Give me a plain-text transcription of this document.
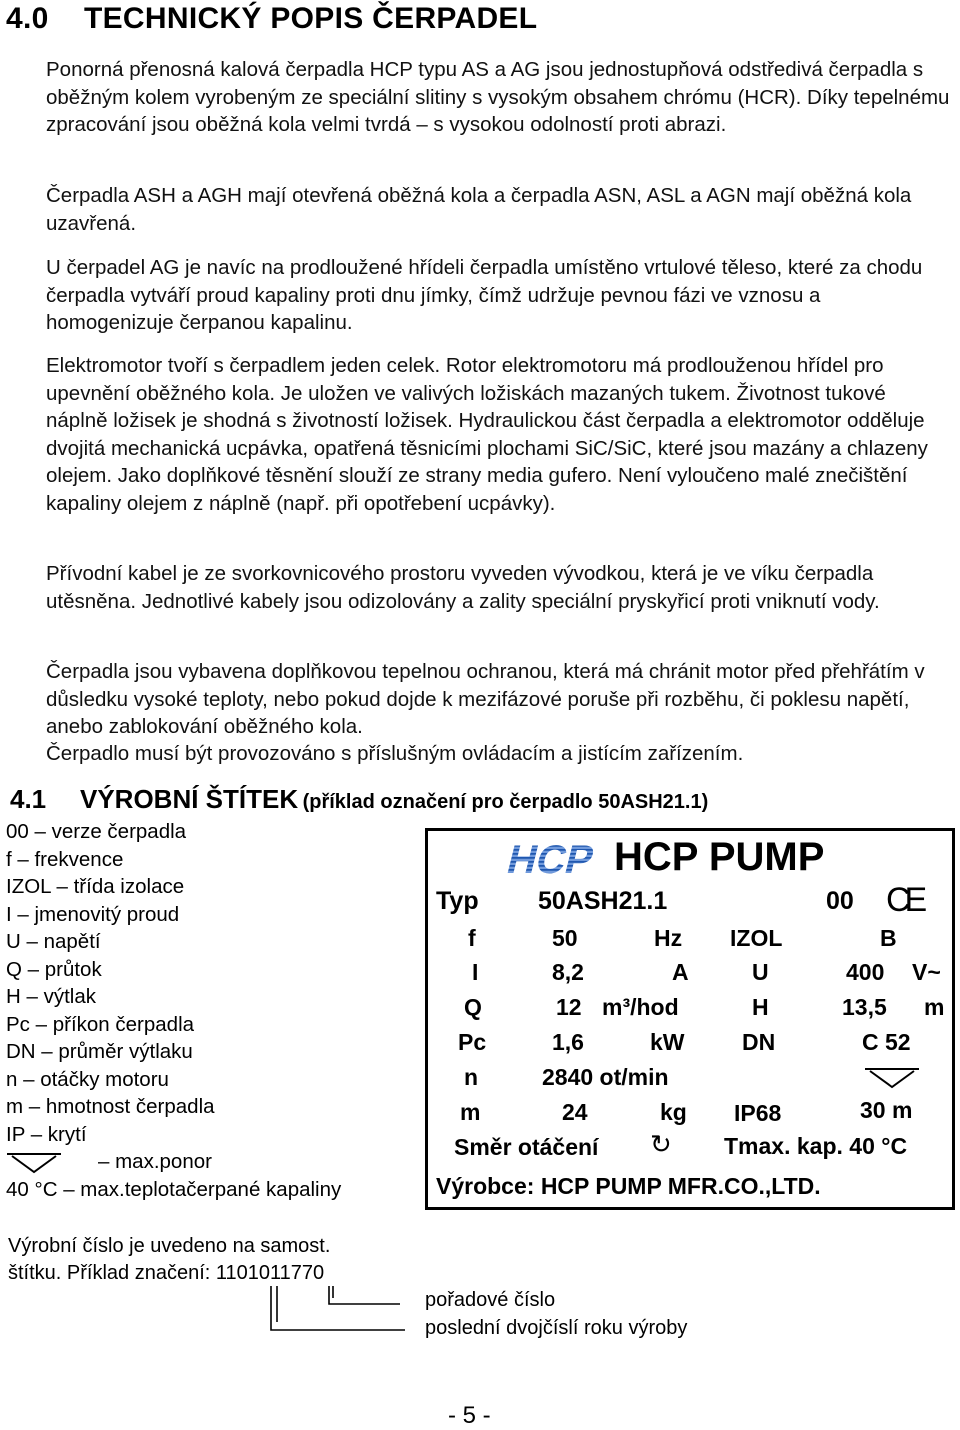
4.0 TECHNICKÝ POPIS ČERPADEL

Ponorná přenosná kalová čerpadla HCP typu AS a AG jsou jednostupňová odstředivá čerpadla s oběžným kolem vyrobeným ze speciální slitiny s vysokým obsahem chrómu (HCR). Díky tepelnému zpracování jsou oběžná kola velmi tvrdá – s vysokou odolností proti abrazi.

Čerpadla ASH a AGH mají otevřená oběžná kola a čerpadla ASN, ASL a AGN mají oběžná kola uzavřená.

U čerpadel AG je navíc na prodloužené hřídeli čerpadla umístěno vrtulové těleso, které za chodu čerpadla vytváří proud kapaliny proti dnu jímky, čímž udržuje pevnou fázi ve vznosu a homogenizuje čerpanou kapalinu.

Elektromotor tvoří s čerpadlem jeden celek. Rotor elektromotoru má prodlouženou hřídel pro upevnění oběžného kola. Je uložen ve valivých ložiskách mazaných tukem. Životnost tukové náplně ložisek je shodná s životností ložisek. Hydraulickou část čerpadla a elektromotor odděluje dvojitá mechanická ucpávka, opatřená těsnicími plochami SiC/SiC, které jsou mazány a chlazeny olejem. Jako doplňkové těsnění slouží ze strany media gufero. Není vyloučeno malé znečištění kapaliny olejem z náplně (např. při opotřebení ucpávky).

Přívodní kabel je ze svorkovnicového prostoru vyveden vývodkou, která je ve víku čerpadla utěsněna. Jednotlivé kabely jsou odizolovány a zality speciální pryskyřicí proti vniknutí vody.

Čerpadla jsou vybavena doplňkovou tepelnou ochranou, která má chránit motor před přehřátím v důsledku vysoké teploty, nebo pokud dojde k mezifázové poruše při rozběhu, či poklesu napětí, anebo zablokování oběžného kola.

Čerpadlo musí být provozováno s příslušným ovládacím a jistícím zařízením.

4.1 VÝROBNÍ ŠTÍTEK (příklad označení pro čerpadlo 50ASH21.1)
00 – verze čerpadla
f – frekvence
IZOL – třída izolace
I – jmenovitý proud
U – napětí
Q – průtok
H – výtlak
Pc – příkon čerpadla
DN – průměr výtlaku
n – otáčky motoru
m – hmotnost čerpadla
IP – krytí
– max.ponor
40 °C – max.teplotačerpané kapaliny
HCP HCP PUMP
Typ 50ASH21.1	00 CE
f	50	Hz IZOL	B
I	8,2	A	U	400 V~
Q	12 m³/hod	H	13,5 m
Pc	1,6	kW	DN	C 52
n	2840 ot/min
m	24	kg IP68	30 m
Směr otáčení ↻ Tmax. kap. 40 °C
Výrobce: HCP PUMP MFR.CO.,LTD.
Výrobní číslo je uvedeno na samost.
štítku. Příklad značení: 1101011770
pořadové číslo
poslední dvojčíslí roku výroby
- 5 -
